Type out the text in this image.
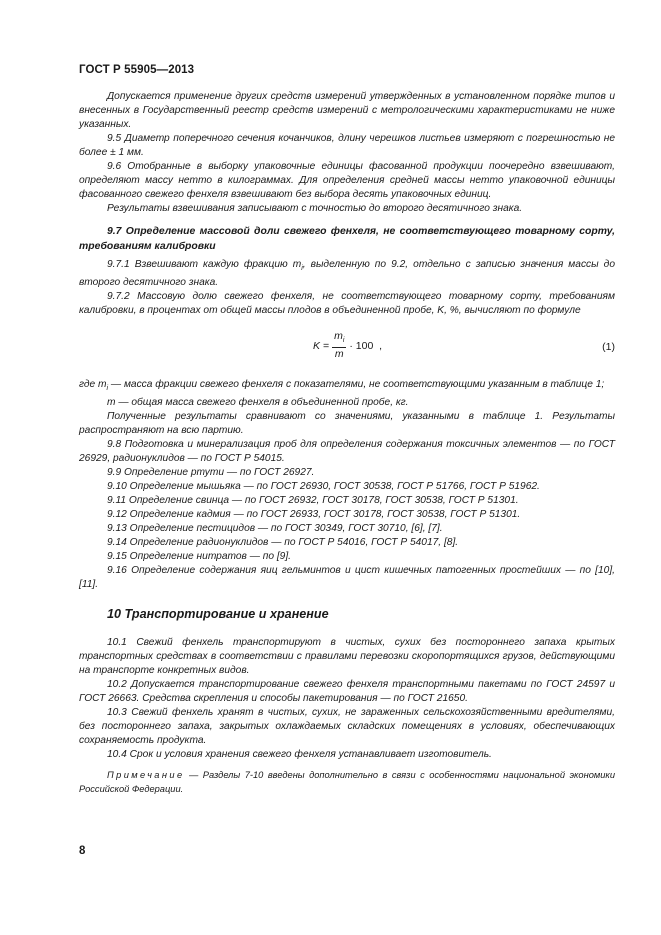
ГОСТ Р 55905—2013

Допускается применение других средств измерений утвержденных в установленном порядке типов и внесенных в Государственный реестр средств измерений с метрологическими характеристиками не ниже указанных.

9.5 Диаметр поперечного сечения кочанчиков, длину черешков листьев измеряют с погрешностью не более ± 1 мм.

9.6 Отобранные в выборку упаковочные единицы фасованной продукции поочередно взвешивают, определяют массу нетто в килограммах. Для определения средней массы нетто упаковочной единицы фасованного свежего фенхеля взвешивают без выбора десять упаковочных единиц.

Результаты взвешивания записывают с точностью до второго десятичного знака.

9.7 Определение массовой доли свежего фенхеля, не соответствующего товарному сорту, требованиям калибровки

9.7.1 Взвешивают каждую фракцию $m_i$, выделенную по 9.2, отдельно с записью значения массы до второго десятичного знака.

9.7.2 Массовую долю свежего фенхеля, не соответствующего товарному сорту, требованиям калибровки, в процентах от общей массы плодов в объединенной пробе, K, %, вычисляют по формуле

$K = \frac{m_i}{m} \cdot 100$  ,	(1)

где $m_i$ — масса фракции свежего фенхеля с показателями, не соответствующими указанным в таблице 1;

m — общая масса свежего фенхеля в объединенной пробе, кг.

Полученные результаты сравнивают со значениями, указанными в таблице 1. Результаты распространяют на всю партию.

9.8 Подготовка и минерализация проб для определения содержания токсичных элементов — по ГОСТ 26929, радионуклидов — по ГОСТ Р 54015.

9.9 Определение ртути — по ГОСТ 26927.

9.10 Определение мышьяка — по ГОСТ 26930, ГОСТ 30538, ГОСТ Р 51766, ГОСТ Р 51962.

9.11 Определение свинца — по ГОСТ 26932, ГОСТ 30178, ГОСТ 30538, ГОСТ Р 51301.

9.12 Определение кадмия — по ГОСТ 26933, ГОСТ 30178, ГОСТ 30538, ГОСТ Р 51301.

9.13 Определение пестицидов — по ГОСТ 30349, ГОСТ 30710, [6], [7].

9.14 Определение радионуклидов — по ГОСТ Р 54016, ГОСТ Р 54017, [8].

9.15 Определение нитратов — по [9].

9.16 Определение содержания яиц гельминтов и цист кишечных патогенных простейших — по [10], [11].

10 Транспортирование и хранение

10.1 Свежий фенхель транспортируют в чистых, сухих без постороннего запаха крытых транспортных средствах в соответствии с правилами перевозки скоропортящихся грузов, действующими на транспорте конкретных видов.

10.2 Допускается транспортирование свежего фенхеля транспортными пакетами по ГОСТ 24597 и ГОСТ 26663. Средства скрепления и способы пакетирования — по ГОСТ 21650.

10.3 Свежий фенхель хранят в чистых, сухих, не зараженных сельскохозяйственными вредителями, без постороннего запаха, закрытых охлаждаемых складских помещениях в условиях, обеспечивающих сохраняемость продукта.

10.4 Срок и условия хранения свежего фенхеля устанавливает изготовитель.

Примечание — Разделы 7-10 введены дополнительно в связи с особенностями национальной экономики Российской Федерации.

8
